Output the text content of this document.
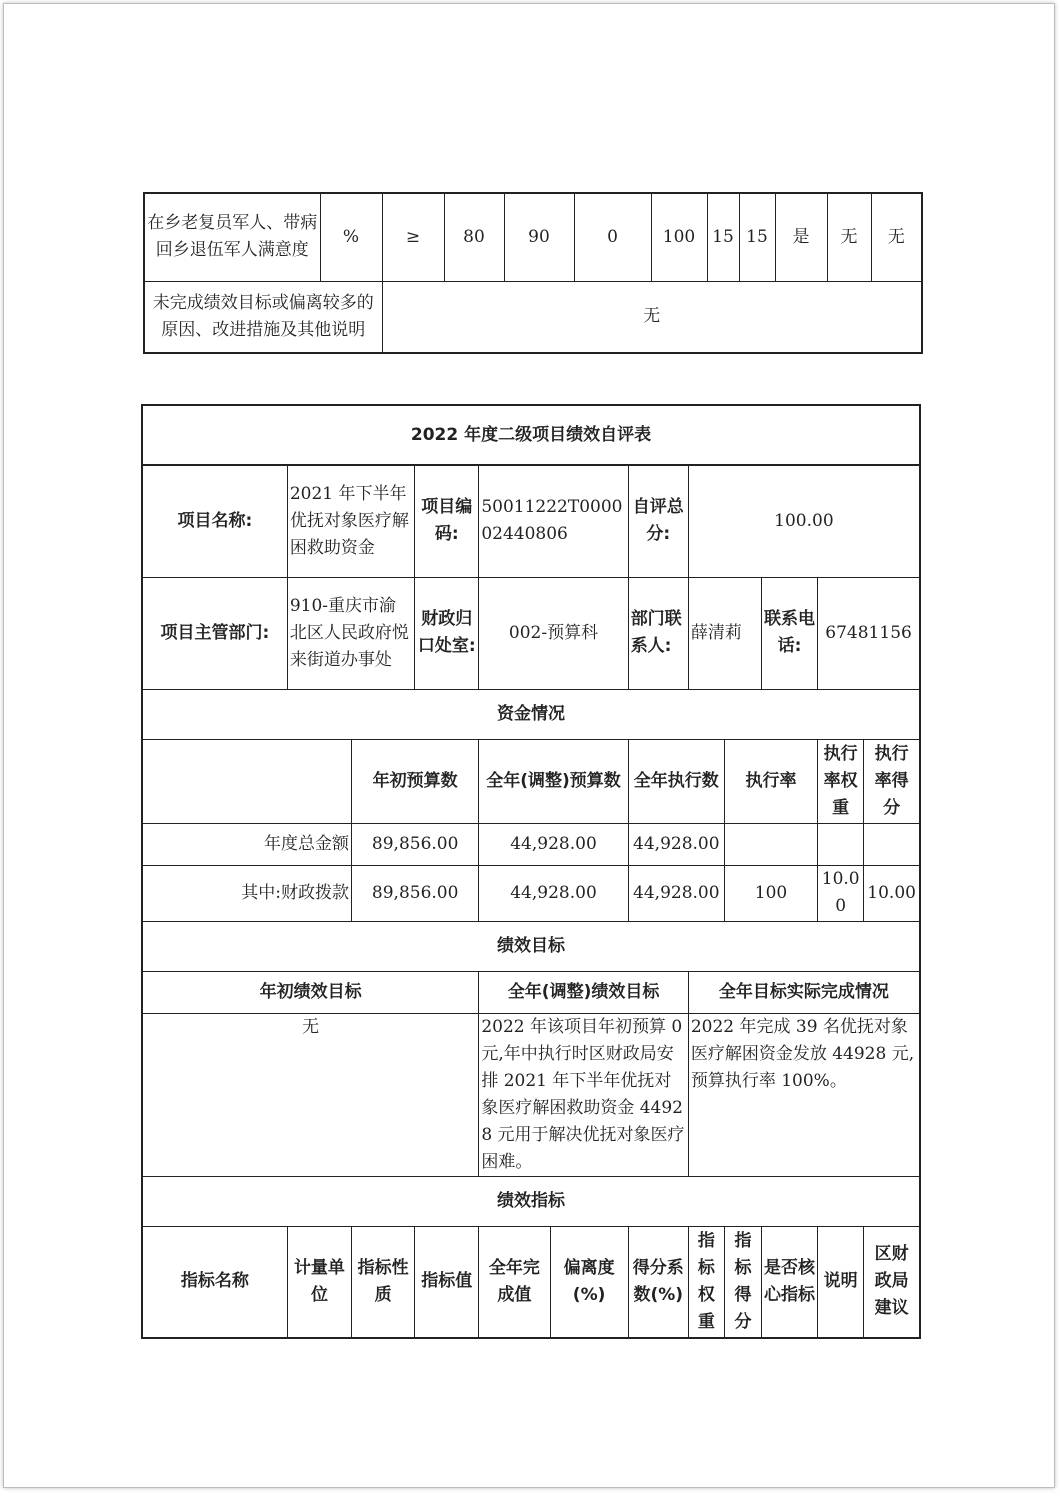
在乡老复员军人、带病回乡退伍军人满意度	%	≥	80	90	0	100	15	15	是	无	无
未完成绩效目标或偏离较多的原因、改进措施及其他说明		无									
2022 年度二级项目绩效自评表											
项目名称:	2021 年下半年优抚对象医疗解困救助资金		项目编码:	50011222T000002440806		自评总分:	100.00				
项目主管部门:	910-重庆市渝北区人民政府悦来街道办事处		财政归口处室:	002-预算科		部门联系人:	薛清莉		联系电话:	67481156	
资金情况											
		年初预算数		全年(调整)预算数		全年执行数		执行率		执行率权重	执行率得分
年度总金额		89,856.00		44,928.00		44,928.00					
其中:财政拨款		89,856.00		44,928.00		44,928.00		100		10.00	10.00
绩效目标											
年初绩效目标				全年(调整)绩效目标			全年目标实际完成情况				
无				2022 年该项目年初预算 0 元,年中执行时区财政局安排 2021 年下半年优抚对象医疗解困救助资金 44928 元用于解决优抚对象医疗困难。			2022 年完成 39 名优抚对象医疗解困资金发放 44928 元,预算执行率 100%。				
绩效指标											
指标名称	计量单位	指标性质	指标值	全年完成值	偏离度(%)	得分系数(%)	指标权重	指标得分	是否核心指标	说明	区财政局建议
